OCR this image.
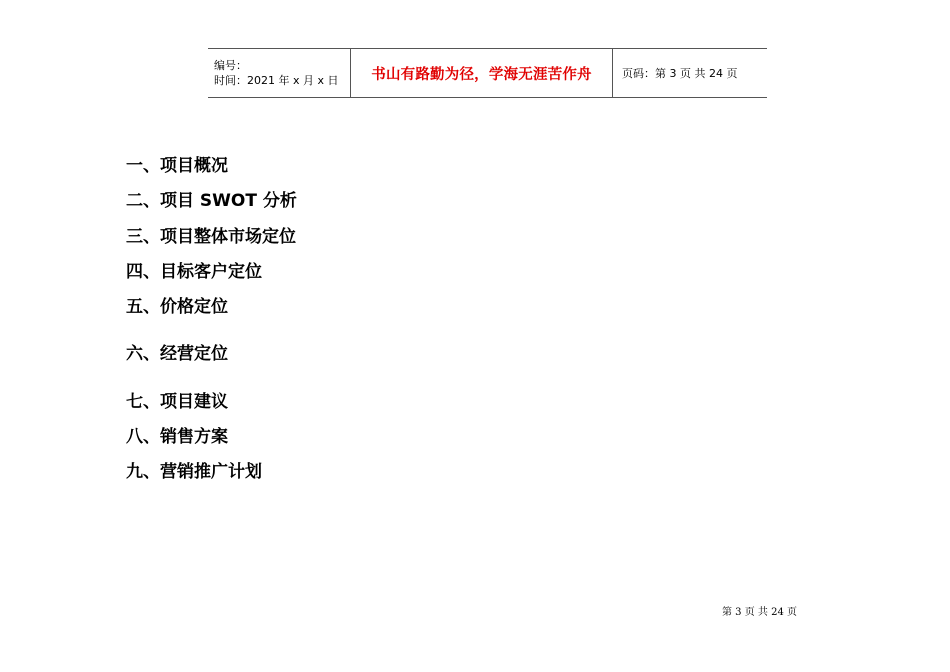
编号：
时间：2021 年 x 月 x 日	书山有路勤为径，学海无涯苦作舟	页码：第 3 页 共 24 页
一、项目概况
二、项目 SWOT 分析
三、项目整体市场定位
四、目标客户定位
五、价格定位
六、经营定位
七、项目建议
八、销售方案
九、营销推广计划
第 3 页 共 24 页
